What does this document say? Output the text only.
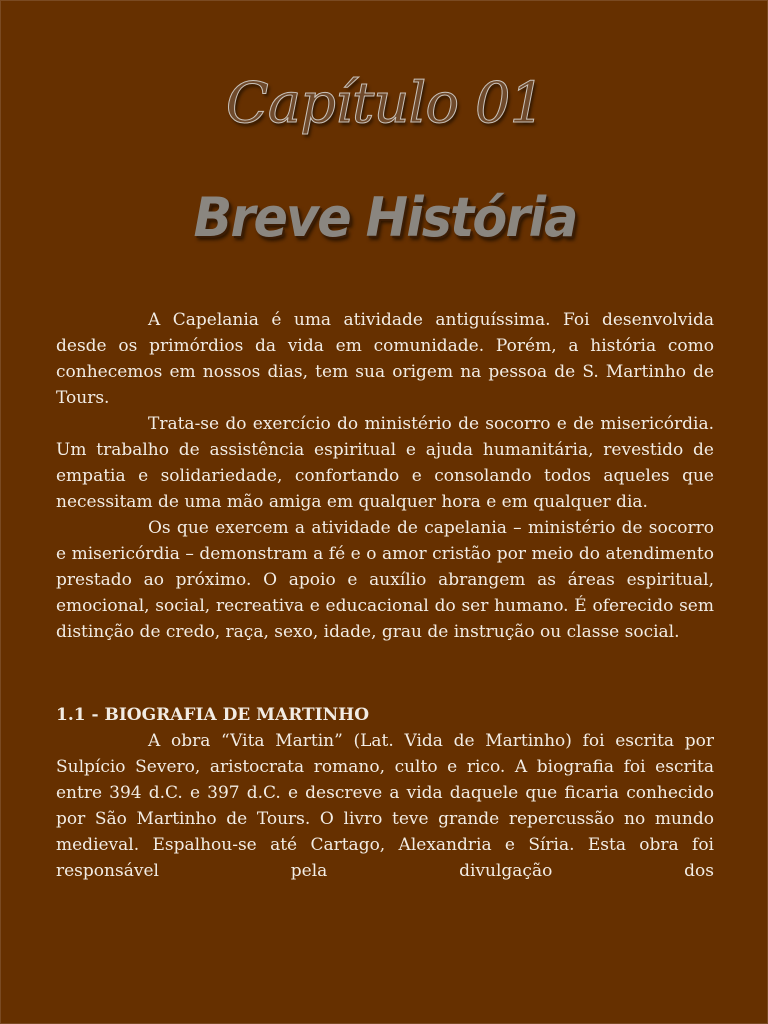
Capítulo 01
Breve História

A Capelania é uma atividade antiguíssima. Foi desenvolvida desde os primórdios da vida em comunidade. Porém, a história como conhecemos em nossos dias, tem sua origem na pessoa de S. Martinho de Tours.

Trata-se do exercício do ministério de socorro e de misericórdia. Um trabalho de assistência espiritual e ajuda humanitária, revestido de empatia e solidariedade, confortando e consolando todos aqueles que necessitam de uma mão amiga em qualquer hora e em qualquer dia.

Os que exercem a atividade de capelania – ministério de socorro e misericórdia – demonstram a fé e o amor cristão por meio do atendimento prestado ao próximo. O apoio e auxílio abrangem as áreas espiritual, emocional, social, recreativa e educacional do ser humano. É oferecido sem distinção de credo, raça, sexo, idade, grau de instrução ou classe social.

1.1 - BIOGRAFIA DE MARTINHO

A obra “Vita Martin” (Lat. Vida de Martinho) foi escrita por Sulpício Severo, aristocrata romano, culto e rico. A biografia foi escrita entre 394 d.C. e 397 d.C. e descreve a vida daquele que ficaria conhecido por São Martinho de Tours. O livro teve grande repercussão no mundo medieval. Espalhou-se até Cartago, Alexandria e Síria. Esta obra foi responsável pela divulgação dos
